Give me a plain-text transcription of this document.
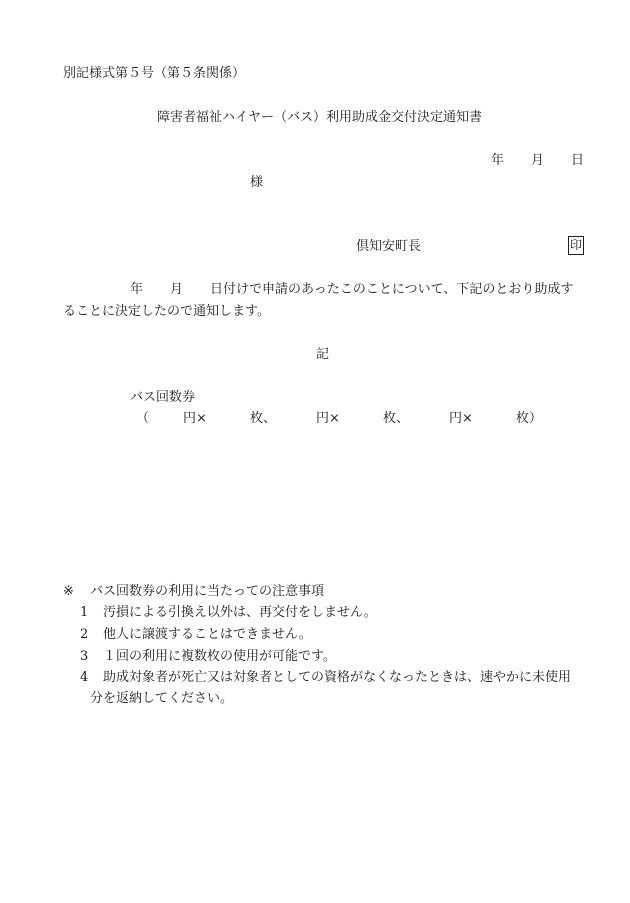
別記様式第５号（第５条関係）
障害者福祉ハイヤー（バス）利用助成金交付決定通知書
年 月 日
様
倶知安町長	印
年 月 日付けで申請のあったこのことについて、下記のとおり助成す
ることに決定したので通知します。
記
バス回数券
（	円×	枚、	円×	枚、	円×	枚）
※ バス回数券の利用に当たっての注意事項
1 汚損による引換え以外は、再交付をしません。
2 他人に譲渡することはできません。
3 １回の利用に複数枚の使用が可能です。
4 助成対象者が死亡又は対象者としての資格がなくなったときは、速やかに未使用
分を返納してください。
